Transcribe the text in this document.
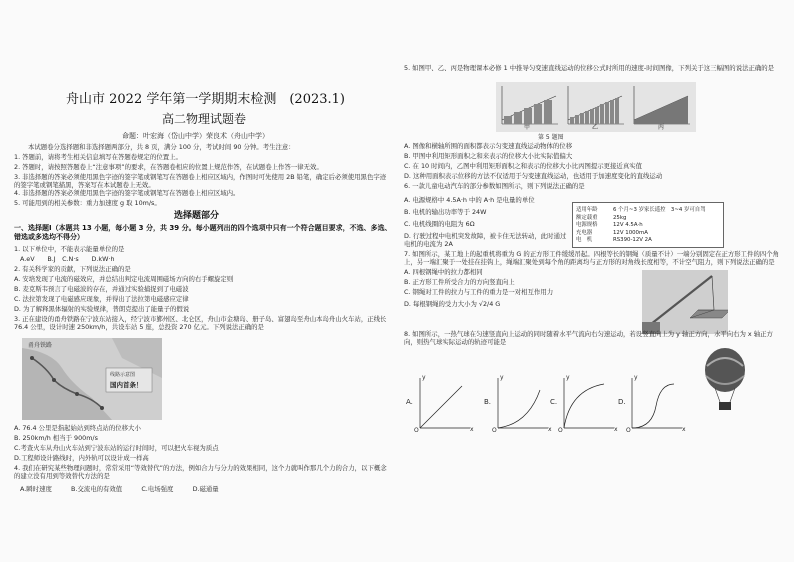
舟山市 2022 学年第一学期期末检测　(2023.1)
高二物理试题卷
命题：叶宏海（岱山中学）荣良术（舟山中学）
本试题卷分选择题和非选择题两部分，共 8 页，满分 100 分，考试时间 90 分钟。考生注意：
1. 答题前，请将考生相关信息填写在答题卷规定的位置上。
2. 答题时，请按照答题卷上“注意事项”的要求，在答题卷相应的位置上规范作答，在试题卷上作答一律无效。
3. 非选择题的答案必须使用黑色字迹的签字笔或钢笔写在答题卷上相应区域内，作图时可先使用 2B 铅笔，确定后必须使用黑色字迹的签字笔或钢笔描黑，答案写在本试题卷上无效。
4. 非选择题的答案必须使用黑色字迹的签字笔或钢笔写在答题卷上相应区域内。
5. 可能用到的相关参数：重力加速度 g 取 10m/s。
选择题部分
一、选择题Ⅰ（本题共 13 小题，每小题 3 分，共 39 分。每小题列出的四个选项中只有一个符合题目要求，不选、多选、错选或多选均不得分）
1. 以下单位中，不能表示能量单位的是
A.eV　　B.J　C.N·s　　D.kW·h
2. 有关科学家的贡献，下列说法正确的是
A. 安培发现了电流的磁效应，并总结出判定电流周围磁场方向的右手螺旋定则
B. 麦克斯韦预言了电磁波的存在，并通过实验捕捉到了电磁波
C. 法拉第发现了电磁感应现象，并得出了法拉第电磁感应定律
D. 为了解释黑体辐射的实验规律，普朗克提出了能量子的假说
3. 正在建设的甬舟铁路在宁波东站接入，经宁波市鄞州区、北仑区，舟山市金塘岛、册子岛、富翅岛至舟山本岛舟山火车站，正线长 76.4 公里，设计时速 250km/h，共设车站 5 座，总投资 270 亿元。下列说法正确的是
甬舟铁路
线路示意图
国内首条！
A. 76.4 公里是指起始站到终点站的位移大小
B. 250km/h 相当于 900m/s
C.考查火车从舟山火车站到宁波东站的运行时间时，可以把火车视为质点
D.工程师设计路线时，内外轨可以设计成一样高
4. 我们在研究某些物理问题时，常常采用“等效替代”的方法，例如合力与分力的效果相同，这个力就叫作那几个力的合力，以下概念的建立没有用到等效替代方法的是
A.瞬时速度　　　B.交流电的有效值　　　C.电场强度　　　D.磁通量
5. 如图甲、乙、丙是物理课本必修 1 中推导匀变速直线运动的位移公式时所用的速度-时间图像，下列关于这三幅图的说法正确的是
甲	乙	丙
第 5 题图
A. 图像和横轴所围的面积都表示匀变速直线运动物体的位移
B. 甲图中利用矩形面积之和来表示的位移大小比实际值偏大
C. 在 10 时间内，乙图中利用矩形面积之和表示的位移大小比丙图提示更接近真实值
D. 这种用面积表示位移的方法不仅适用于匀变速直线运动，也适用于加速度变化的直线运动
6. 一款儿童电动汽车的部分参数如图所示，则下列说法正确的是
A. 电源规格中 4.5A·h 中的 A·h 是电量的单位
B. 电机的输出功率等于 24W
C. 电机线圈的电阻为 6Ω
D. 行驶过程中电机突发故障，被卡住无法转动，此时通过电机的电流为 2A
适用年龄	6 个月~3 岁家长遥控　3~4 岁可自驾
额定载重	25kg
电源规格	12V 4.5A·h
充电器	12V 1000mA
电　机	RS390-12V 2A
7. 如图所示，某工地上的起重机将重为 G 的正方形工件缓缓吊起。四根等长的钢绳（质量不计）一端分别固定在正方形工件的四个角上，另一端汇聚于一处挂在挂钩上，绳端汇聚处到每个角的距离均与正方形的对角线长度相等，不计空气阻力，则下列说法正确的是
A. 四根钢绳中的拉力都相同
B. 正方形工件所受合力的方向竖直向上
C. 钢绳对工件的拉力与工件的重力是一对相互作用力
D. 每根钢绳的受力大小为 √2/4 G
8. 如图所示，一热气球在匀速竖直向上运动的同时随着水平气流向右匀速运动，若设竖直向上为 y 轴正方向，水平向右为 x 轴正方向，则热气球实际运动的轨迹可能是
A.	B.	C.	D.
O	x
y
O	x
y
O	x
y
O	x
y
